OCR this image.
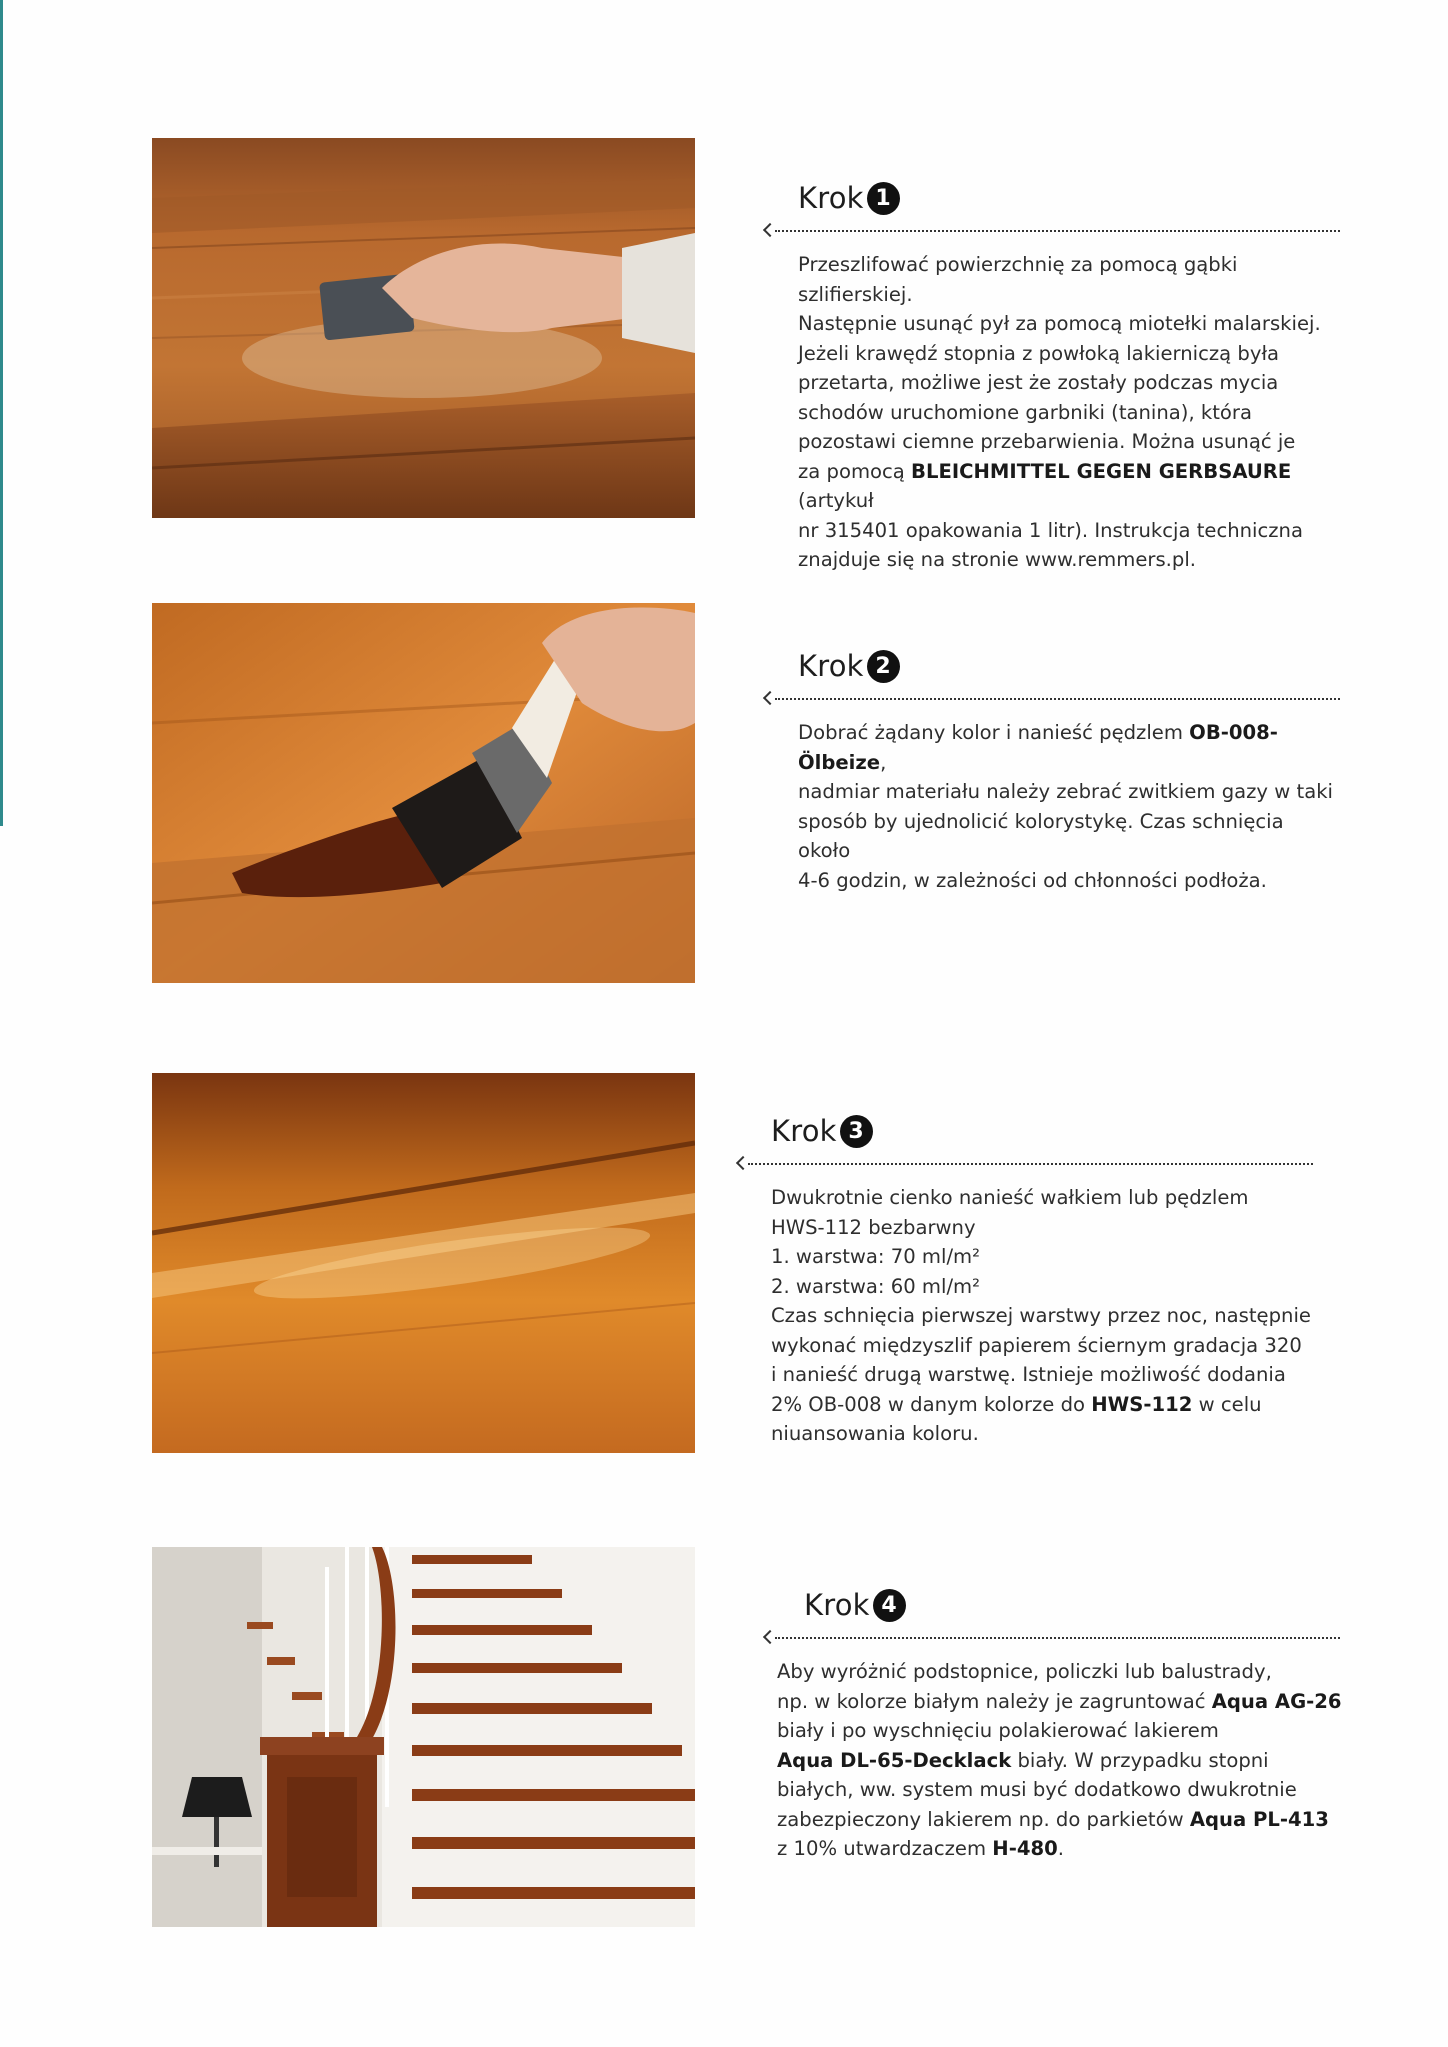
Krok 1
Przeszlifować powierzchnię za pomocą gąbki szlifierskiej.
Następnie usunąć pył za pomocą miotełki malarskiej.
Jeżeli krawędź stopnia z powłoką lakierniczą była
przetarta, możliwe jest że zostały podczas mycia
schodów uruchomione garbniki (tanina), która
pozostawi ciemne przebarwienia. Można usunąć je
za pomocą BLEICHMITTEL GEGEN GERBSAURE (artykuł
nr 315401 opakowania 1 litr). Instrukcja techniczna
znajduje się na stronie www.remmers.pl.
Krok 2
Dobrać żądany kolor i nanieść pędzlem OB-008-Ölbeize,
nadmiar materiału należy zebrać zwitkiem gazy w taki
sposób by ujednolicić kolorystykę. Czas schnięcia około
4-6 godzin, w zależności od chłonności podłoża.
Krok 3
Dwukrotnie cienko nanieść wałkiem lub pędzlem
HWS-112 bezbarwny
1. warstwa: 70 ml/m²
2. warstwa: 60 ml/m²
Czas schnięcia pierwszej warstwy przez noc, następnie
wykonać międzyszlif papierem ściernym gradacja 320
i nanieść drugą warstwę. Istnieje możliwość dodania
2% OB-008 w danym kolorze do HWS-112 w celu
niuansowania koloru.
Krok 4
Aby wyróżnić podstopnice, policzki lub balustrady,
np. w kolorze białym należy je zagruntować Aqua AG-26
biały i po wyschnięciu polakierować lakierem
Aqua DL-65-Decklack biały. W przypadku stopni
białych, ww. system musi być dodatkowo dwukrotnie
zabezpieczony lakierem np. do parkietów Aqua PL-413
z 10% utwardzaczem H-480.
